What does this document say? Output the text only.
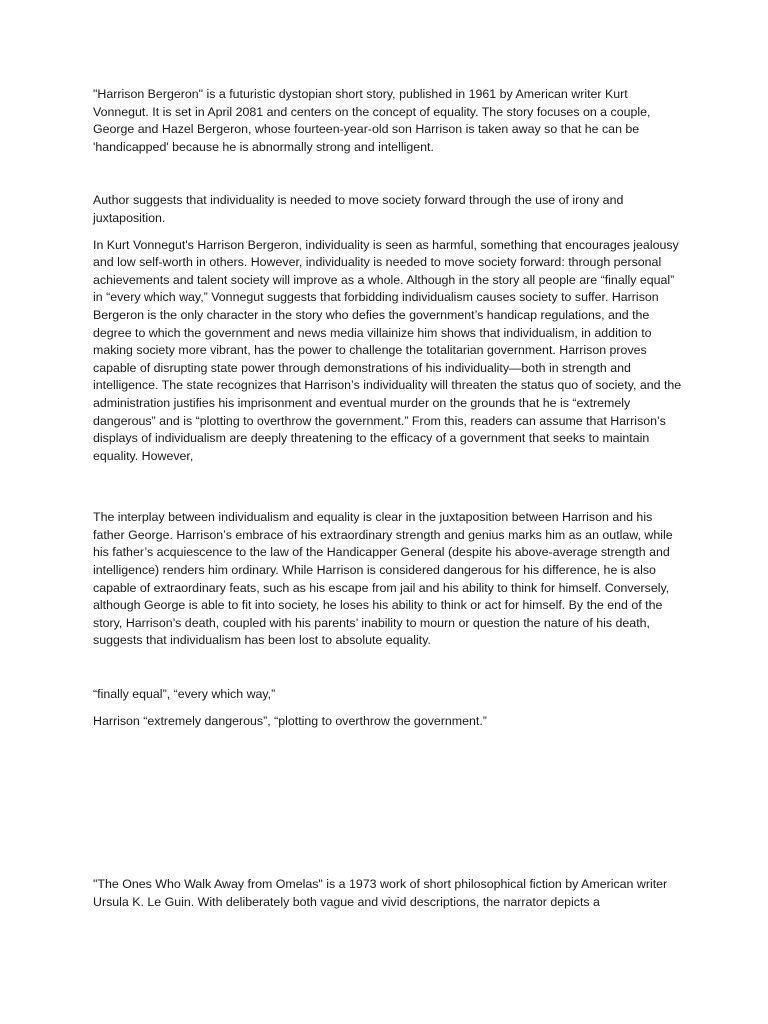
"Harrison Bergeron" is a futuristic dystopian short story, published in 1961 by American writer Kurt Vonnegut. It is set in April 2081 and centers on the concept of equality. The story focuses on a couple, George and Hazel Bergeron, whose fourteen-year-old son Harrison is taken away so that he can be 'handicapped' because he is abnormally strong and intelligent.

Author suggests that individuality is needed to move society forward through the use of irony and juxtaposition.

In Kurt Vonnegut's Harrison Bergeron, individuality is seen as harmful, something that encourages jealousy and low self-worth in others. However, individuality is needed to move society forward: through personal achievements and talent society will improve as a whole. Although in the story all people are “finally equal” in “every which way,” Vonnegut suggests that forbidding individualism causes society to suffer. Harrison Bergeron is the only character in the story who defies the government’s handicap regulations, and the degree to which the government and news media villainize him shows that individualism, in addition to making society more vibrant, has the power to challenge the totalitarian government. Harrison proves capable of disrupting state power through demonstrations of his individuality—both in strength and intelligence. The state recognizes that Harrison’s individuality will threaten the status quo of society, and the administration justifies his imprisonment and eventual murder on the grounds that he is “extremely dangerous” and is “plotting to overthrow the government.” From this, readers can assume that Harrison’s displays of individualism are deeply threatening to the efficacy of a government that seeks to maintain equality. However,

The interplay between individualism and equality is clear in the juxtaposition between Harrison and his father George. Harrison’s embrace of his extraordinary strength and genius marks him as an outlaw, while his father’s acquiescence to the law of the Handicapper General (despite his above-average strength and intelligence) renders him ordinary. While Harrison is considered dangerous for his difference, he is also capable of extraordinary feats, such as his escape from jail and his ability to think for himself. Conversely, although George is able to fit into society, he loses his ability to think or act for himself. By the end of the story, Harrison’s death, coupled with his parents’ inability to mourn or question the nature of his death, suggests that individualism has been lost to absolute equality.

“finally equal”, “every which way,”

Harrison “extremely dangerous”, “plotting to overthrow the government.”

"The Ones Who Walk Away from Omelas" is a 1973 work of short philosophical fiction by American writer Ursula K. Le Guin. With deliberately both vague and vivid descriptions, the narrator depicts a
